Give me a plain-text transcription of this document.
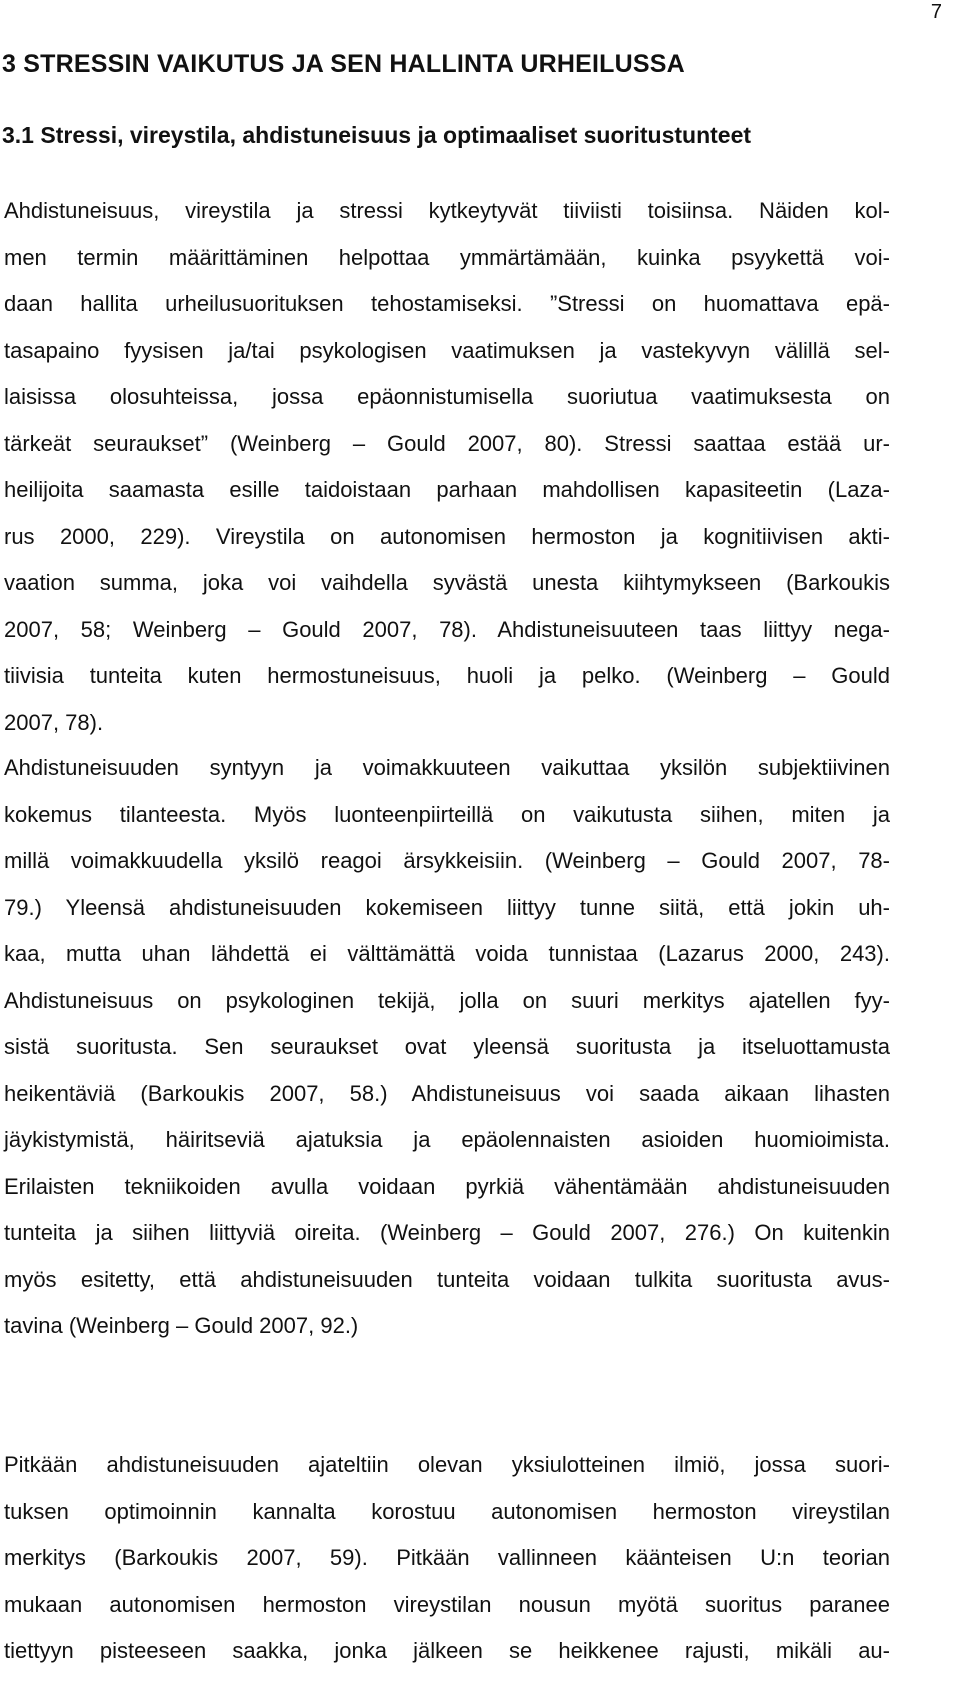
7
3 STRESSIN VAIKUTUS JA SEN HALLINTA URHEILUSSA
3.1 Stressi, vireystila, ahdistuneisuus ja optimaaliset suoritustunteet
Ahdistuneisuus, vireystila ja stressi kytkeytyvät tiiviisti toisiinsa. Näiden kol-
men termin määrittäminen helpottaa ymmärtämään, kuinka psyykettä voi-
daan hallita urheilusuorituksen tehostamiseksi. ”Stressi on huomattava epä-
tasapaino fyysisen ja/tai psykologisen vaatimuksen ja vastekyvyn välillä sel-
laisissa olosuhteissa, jossa epäonnistumisella suoriutua vaatimuksesta on
tärkeät seuraukset” (Weinberg – Gould 2007, 80). Stressi saattaa estää ur-
heilijoita saamasta esille taidoistaan parhaan mahdollisen kapasiteetin (Laza-
rus 2000, 229). Vireystila on autonomisen hermoston ja kognitiivisen akti-
vaation summa, joka voi vaihdella syvästä unesta kiihtymykseen (Barkoukis
2007, 58; Weinberg – Gould 2007, 78). Ahdistuneisuuteen taas liittyy nega-
tiivisia tunteita kuten hermostuneisuus, huoli ja pelko. (Weinberg – Gould
2007, 78).
Ahdistuneisuuden syntyyn ja voimakkuuteen vaikuttaa yksilön subjektiivinen
kokemus tilanteesta. Myös luonteenpiirteillä on vaikutusta siihen, miten ja
millä voimakkuudella yksilö reagoi ärsykkeisiin. (Weinberg – Gould 2007, 78-
79.) Yleensä ahdistuneisuuden kokemiseen liittyy tunne siitä, että jokin uh-
kaa, mutta uhan lähdettä ei välttämättä voida tunnistaa (Lazarus 2000, 243).
Ahdistuneisuus on psykologinen tekijä, jolla on suuri merkitys ajatellen fyy-
sistä suoritusta. Sen seuraukset ovat yleensä suoritusta ja itseluottamusta
heikentäviä (Barkoukis 2007, 58.) Ahdistuneisuus voi saada aikaan lihasten
jäykistymistä, häiritseviä ajatuksia ja epäolennaisten asioiden huomioimista.
Erilaisten tekniikoiden avulla voidaan pyrkiä vähentämään ahdistuneisuuden
tunteita ja siihen liittyviä oireita. (Weinberg – Gould 2007, 276.) On kuitenkin
myös esitetty, että ahdistuneisuuden tunteita voidaan tulkita suoritusta avus-
tavina (Weinberg – Gould 2007, 92.)
Pitkään ahdistuneisuuden ajateltiin olevan yksiulotteinen ilmiö, jossa suori-
tuksen optimoinnin kannalta korostuu autonomisen hermoston vireystilan
merkitys (Barkoukis 2007, 59). Pitkään vallinneen käänteisen U:n teorian
mukaan autonomisen hermoston vireystilan nousun myötä suoritus paranee
tiettyyn pisteeseen saakka, jonka jälkeen se heikkenee rajusti, mikäli au-
